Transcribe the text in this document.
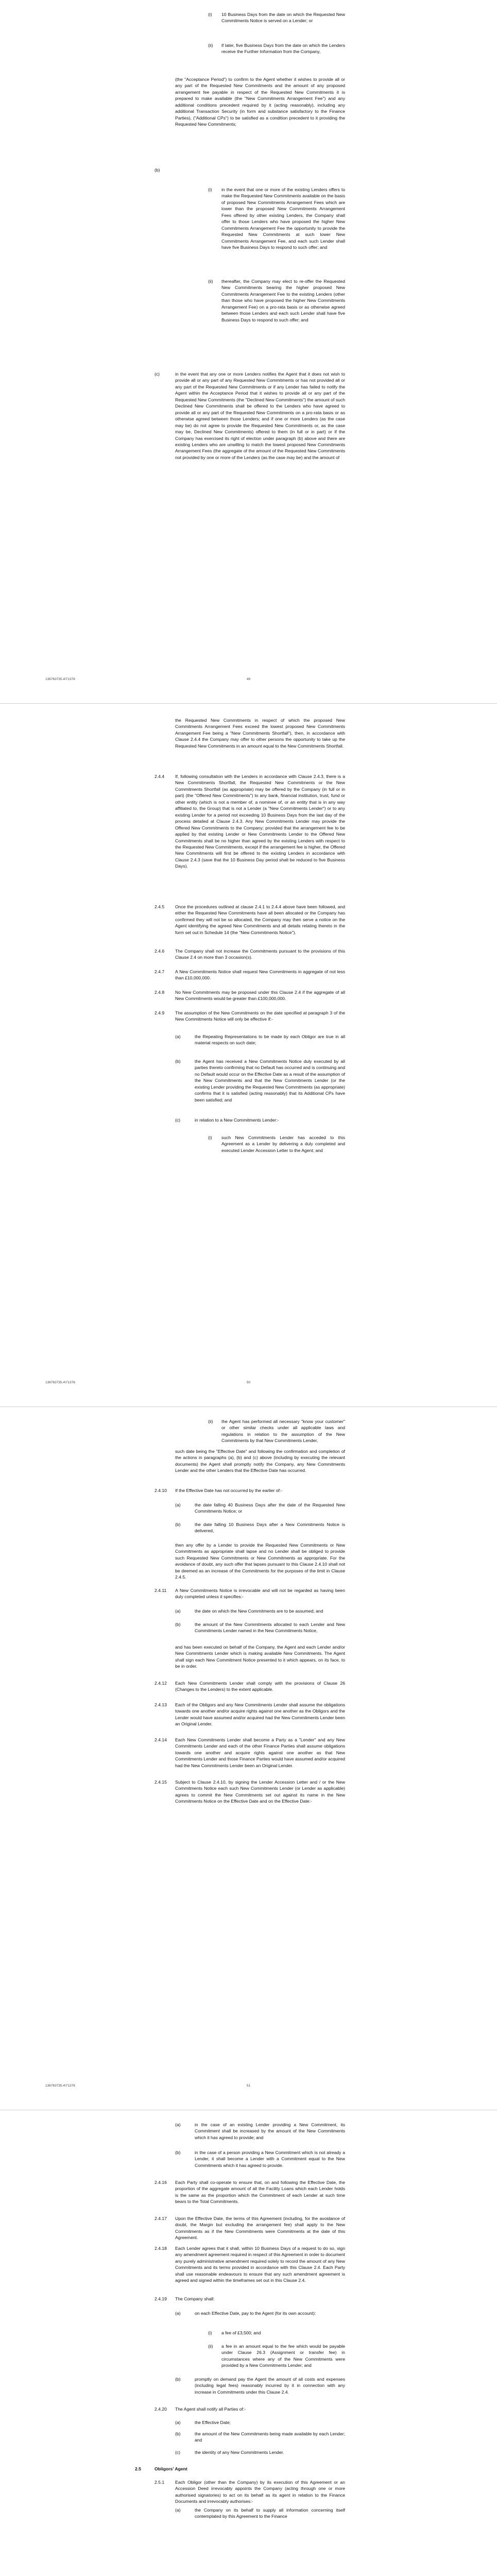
(i) 10 Business Days from the date on which the Requested New Commitments Notice is served on a Lender; or

(ii) if later, five Business Days from the date on which the Lenders receive the Further Information from the Company,

(the "Acceptance Period") to confirm to the Agent whether it wishes to provide all or any part of the Requested New Commitments and the amount of any proposed arrangement fee payable in respect of the Requested New Commitments it is prepared to make available (the "New Commitments Arrangement Fee") and any additional conditions precedent required by it (acting reasonably), including any additional Transaction Security (in form and substance satisfactory to the Finance Parties), ("Additional CPs") to be satisfied as a condition precedent to it providing the Requested New Commitments;

(b)

(i) in the event that one or more of the existing Lenders offers to make the Requested New Commitments available on the basis of proposed New Commitments Arrangement Fees which are lower than the proposed New Commitments Arrangement Fees offered by other existing Lenders, the Company shall offer to those Lenders who have proposed the higher New Commitments Arrangement Fee the opportunity to provide the Requested New Commitments at such lower New Commitments Arrangement Fee, and each such Lender shall have five Business Days to respond to such offer; and

(ii) thereafter, the Company may elect to re-offer the Requested New Commitments bearing the higher proposed New Commitments Arrangement Fee to the existing Lenders (other than those who have proposed the higher New Commitments Arrangement Fee) on a pro-rata basis or as otherwise agreed between those Lenders and each such Lender shall have five Business Days to respond to such offer; and

(c)	in the event that any one or more Lenders notifies the Agent that it does not wish to provide all or any part of any Requested New Commitments or has not provided all or any part of the Requested New Commitments or if any Lender has failed to notify the Agent within the Acceptance Period that it wishes to provide all or any part of the Requested New Commitments (the "Declined New Commitments") the amount of such Declined New Commitments shall be offered to the Lenders who have agreed to provide all or any part of the Requested New Commitments on a pro-rata basis or as otherwise agreed between those Lenders; and if one or more Lenders (as the case may be) do not agree to provide the Requested New Commitments or, as the case may be, Declined New Commitments) offered to them (in full or in part) or if the Company has exercised its right of election under paragraph (b) above and there are existing Lenders who are unwilling to match the lowest proposed New Commitments Arrangement Fees (the aggregate of the amount of the Requested New Commitments not provided by one or more of the Lenders (as the case may be) and the amount of

136763735.4\71376	49

the Requested New Commitments in respect of which the proposed New Commitments Arrangement Fees exceed the lowest proposed New Commitments Arrangement Fee being a "New Commitments Shortfall"), then, in accordance with Clause 2.4.4 the Company may offer to other persons the opportunity to take up the Requested New Commitments in an amount equal to the New Commitments Shortfall.

2.4.4 If, following consultation with the Lenders in accordance with Clause 2.4.3, there is a New Commitments Shortfall, the Requested New Commitments or the New Commitments Shortfall (as appropriate) may be offered by the Company (in full or in part) (the "Offered New Commitments") to any bank, financial institution, trust, fund or other entity (which is not a member of, a nominee of, or an entity that is in any way affiliated to, the Group) that is not a Lender (a "New Commitments Lender") or to any existing Lender for a period not exceeding 10 Business Days from the last day of the process detailed at Clause 2.4.3. Any New Commitments Lender may provide the Offered New Commitments to the Company; provided that the arrangement fee to be applied by that existing Lender or New Commitments Lender to the Offered New Commitments shall be no higher than agreed by the existing Lenders with respect to the Requested New Commitments, except if the arrangement fee is higher, the Offered New Commitments will first be offered to the existing Lenders in accordance with Clause 2.4.3 (save that the 10 Business Day period shall be reduced to five Business Days).

2.4.5 Once the procedures outlined at clause 2.4.1 to 2.4.4 above have been followed, and either the Requested New Commitments have all been allocated or the Company has confirmed they will not be so allocated, the Company may then serve a notice on the Agent identifying the agreed New Commitments and all details relating thereto in the form set out in Schedule 14 (the "New Commitments Notice").

2.4.6 The Company shall not increase the Commitments pursuant to the provisions of this Clause 2.4 on more than 3 occasion(s).

2.4.7 A New Commitments Notice shall request New Commitments in aggregate of not less than £10,000,000.

2.4.8 No New Commitments may be proposed under this Clause 2.4 if the aggregate of all New Commitments would be greater than £100,000,000.

2.4.9 The assumption of the New Commitments on the date specified at paragraph 3 of the New Commitments Notice will only be effective if:-

(a)	the Repeating Representations to be made by each Obligor are true in all material respects on such date;

(b)	the Agent has received a New Commitments Notice duly executed by all parties thereto confirming that no Default has occurred and is continuing and no Default would occur on the Effective Date as a result of the assumption of the New Commitments and that the New Commitments Lender (or the existing Lender providing the Requested New Commitments (as appropriate) confirms that it is satisfied (acting reasonably) that its Additional CPs have been satisfied; and

(c)	in relation to a New Commitments Lender:-

(i) such New Commitments Lender has acceded to this Agreement as a Lender by delivering a duly completed and executed Lender Accession Letter to the Agent; and

136763735.4\71376	50

(ii) the Agent has performed all necessary "know your customer" or other similar checks under all applicable laws and regulations in relation to the assumption of the New Commitments by that New Commitments Lender,

such date being the "Effective Date" and following the confirmation and completion of the actions in paragraphs (a), (b) and (c) above (including by executing the relevant documents) the Agent shall promptly notify the Company, any New Commitments Lender and the other Lenders that the Effective Date has occurred.

2.4.10 If the Effective Date has not occurred by the earlier of:-

(a)	the date falling 40 Business Days after the date of the Requested New Commitments Notice; or

(b)	the date falling 10 Business Days after a New Commitments Notice is delivered,

then any offer by a Lender to provide the Requested New Commitments or New Commitments as appropriate shall lapse and no Lender shall be obliged to provide such Requested New Commitments or New Commitments as appropriate. For the avoidance of doubt, any such offer that lapses pursuant to this Clause 2.4.10 shall not be deemed as an increase of the Commitments for the purposes of the limit in Clause 2.4.5.

2.4.11 A New Commitments Notice is irrevocable and will not be regarded as having been duly completed unless it specifies:-

(a)	the date on which the New Commitments are to be assumed; and

(b)	the amount of the New Commitments allocated to each Lender and New Commitments Lender named in the New Commitments Notice,

and has been executed on behalf of the Company, the Agent and each Lender and/or New Commitments Lender which is making available New Commitments. The Agent shall sign each New Commitment Notice presented to it which appears, on its face, to be in order.

2.4.12 Each New Commitments Lender shall comply with the provisions of Clause 26 (Changes to the Lenders) to the extent applicable.

2.4.13 Each of the Obligors and any New Commitments Lender shall assume the obligations towards one another and/or acquire rights against one another as the Obligors and the Lender would have assumed and/or acquired had the New Commitments Lender been an Original Lender.

2.4.14 Each New Commitments Lender shall become a Party as a "Lender" and any New Commitments Lender and each of the other Finance Parties shall assume obligations towards one another and acquire rights against one another as that New Commitments Lender and those Finance Parties would have assumed and/or acquired had the New Commitments Lender been an Original Lender.

2.4.15 Subject to Clause 2.4.10, by signing the Lender Accession Letter and / or the New Commitments Notice each such New Commitments Lender (or Lender as applicable) agrees to commit the New Commitments set out against its name in the New Commitments Notice on the Effective Date and on the Effective Date:-

136763735.4\71376	51

(a)	in the case of an existing Lender providing a New Commitment, its Commitment shall be increased by the amount of the New Commitments which it has agreed to provide; and

(b)	in the case of a person providing a New Commitment which is not already a Lender, it shall become a Lender with a Commitment equal to the New Commitments which it has agreed to provide.

2.4.16 Each Party shall co-operate to ensure that, on and following the Effective Date, the proportion of the aggregate amount of all the Facility Loans which each Lender holds is the same as the proportion which the Commitment of each Lender at such time bears to the Total Commitments.

2.4.17 Upon the Effective Date, the terms of this Agreement (including, for the avoidance of doubt, the Margin but excluding the arrangement fee) shall apply to the New Commitments as if the New Commitments were Commitments at the date of this Agreement.

2.4.18 Each Lender agrees that it shall, within 10 Business Days of a request to do so, sign any amendment agreement required in respect of this Agreement in order to document any purely administrative amendment required solely to record the amount of any New Commitments and its terms provided in accordance with this Clause 2.4. Each Party shall use reasonable endeavours to ensure that any such amendment agreement is agreed and signed within the timeframes set out in this Clause 2.4.

2.4.19 The Company shall:

(a)	on each Effective Date, pay to the Agent (for its own account):

(i) a fee of £3,500; and

(ii) a fee in an amount equal to the fee which would be payable under Clause 26.3 (Assignment or transfer fee) in circumstances where any of the New Commitments were provided by a New Commitments Lender; and

(b)	promptly on demand pay the Agent the amount of all costs and expenses (including legal fees) reasonably incurred by it in connection with any increase in Commitments under this Clause 2.4.

2.4.20 The Agent shall notify all Parties of:-

(a)	the Effective Date;

(b)	the amount of the New Commitments being made available by each Lender; and

(c)	the identity of any New Commitments Lender.

2.5	Obligors' Agent

2.5.1 Each Obligor (other than the Company) by its execution of this Agreement or an Accession Deed irrevocably appoints the Company (acting through one or more authorised signatories) to act on its behalf as its agent in relation to the Finance Documents and irrevocably authorises:-

(a)	the Company on its behalf to supply all information concerning itself contemplated by this Agreement to the Finance
